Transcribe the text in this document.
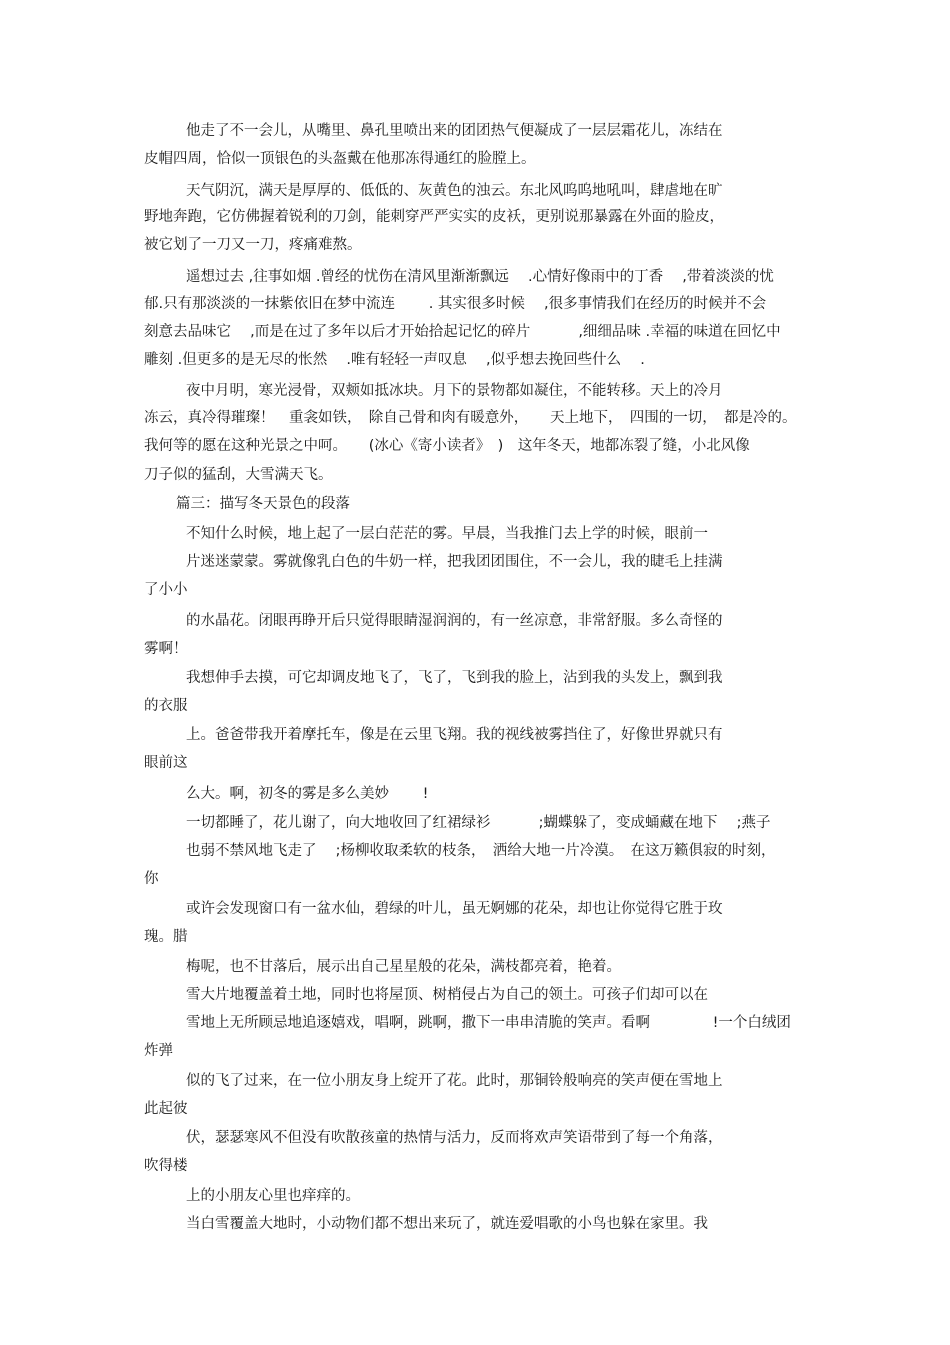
他走了不一会儿，从嘴里、鼻孔里喷出来的团团热气便凝成了一层层霜花儿，冻结在
皮帽四周，恰似一顶银色的头盔戴在他那冻得通红的脸膛上。
天气阴沉，满天是厚厚的、低低的、灰黄色的浊云。东北风呜呜地吼叫，肆虐地在旷
野地奔跑，它仿佛握着锐利的刀剑，能刺穿严严实实的皮袄，更别说那暴露在外面的脸皮，
被它划了一刀又一刀，疼痛难熬。
遥想过去 ,往事如烟 .曾经的忧伤在清风里渐渐飘远 　.心情好像雨中的丁香 　,带着淡淡的忧
郁.只有那淡淡的一抹紫依旧在梦中流连 　　. 其实很多时候 　,很多事情我们在经历的时候并不会
刻意去品味它 　,而是在过了多年以后才开始拾起记忆的碎片 　　　,细细品味 .幸福的味道在回忆中
雕刻 .但更多的是无尽的怅然 　.唯有轻轻一声叹息 　,似乎想去挽回些什么 　.
夜中月明，寒光浸骨，双颊如抵冰块。月下的景物都如凝住，不能转移。天上的冷月
冻云，真冷得璀璨！　重衾如铁，　除自己骨和肉有暖意外，　　天上地下，　四围的一切，　都是冷的。
我何等的愿在这种光景之中呵。　　(冰心《寄小读者》　)　这年冬天，地都冻裂了缝，小北风像
刀子似的猛刮，大雪满天飞。
篇三：描写冬天景色的段落
不知什么时候，地上起了一层白茫茫的雾。早晨，当我推门去上学的时候，眼前一
片迷迷蒙蒙。雾就像乳白色的牛奶一样，把我团团围住，不一会儿，我的睫毛上挂满
了小小
的水晶花。闭眼再睁开后只觉得眼睛湿润润的，有一丝凉意，非常舒服。多么奇怪的
雾啊！
我想伸手去摸，可它却调皮地飞了，飞了，飞到我的脸上，沾到我的头发上，飘到我
的衣服
上。爸爸带我开着摩托车，像是在云里飞翔。我的视线被雾挡住了，好像世界就只有
眼前这
么大。啊，初冬的雾是多么美妙 　　!
一切都睡了，花儿谢了，向大地收回了红裙绿衫 　　　;蝴蝶躲了，变成蛹藏在地下 　;燕子
也弱不禁风地飞走了 　;杨柳收取柔软的枝条，　洒给大地一片冷漠。　在这万籁俱寂的时刻，
你
或许会发现窗口有一盆水仙，碧绿的叶儿，虽无婀娜的花朵，却也让你觉得它胜于玫
瑰。腊
梅呢，也不甘落后，展示出自己星星般的花朵，满枝都亮着，艳着。
雪大片地覆盖着土地，同时也将屋顶、树梢侵占为自己的领土。可孩子们却可以在
雪地上无所顾忌地追逐嬉戏，唱啊，跳啊，撒下一串串清脆的笑声。看啊 　　　　!一个白绒团
炸弹
似的飞了过来，在一位小朋友身上绽开了花。此时，那铜铃般响亮的笑声便在雪地上
此起彼
伏，瑟瑟寒风不但没有吹散孩童的热情与活力，反而将欢声笑语带到了每一个角落，
吹得楼
上的小朋友心里也痒痒的。
当白雪覆盖大地时，小动物们都不想出来玩了，就连爱唱歌的小鸟也躲在家里。我
